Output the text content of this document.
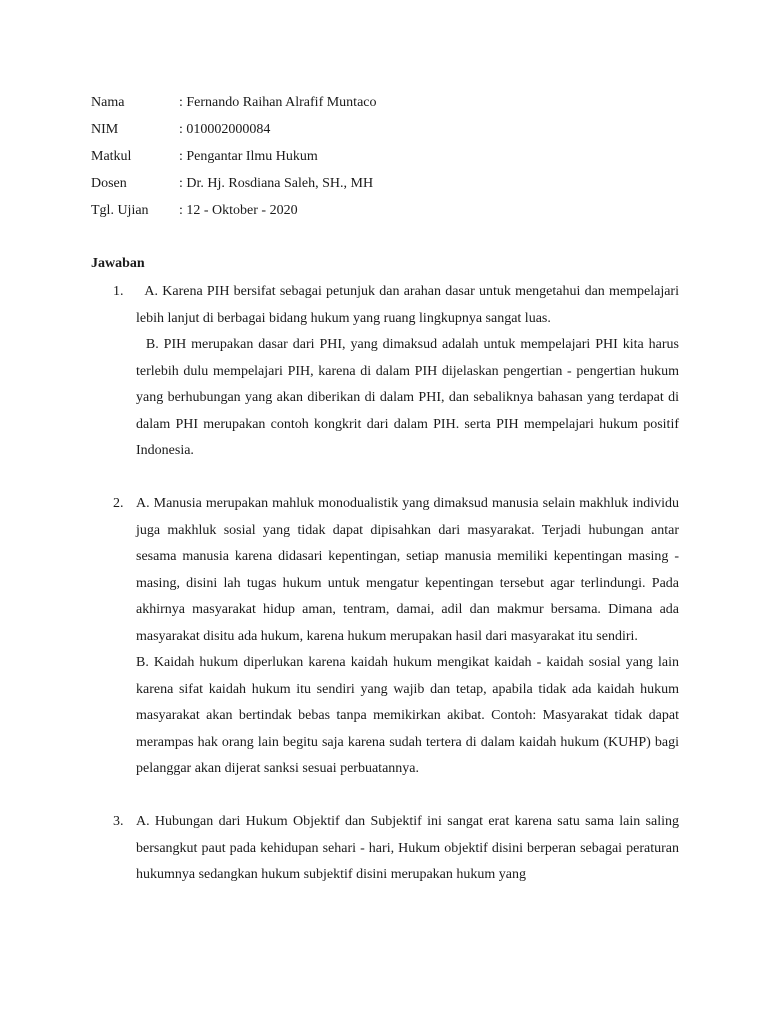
Nama	: Fernando Raihan Alrafif Muntaco
NIM	: 010002000084
Matkul	: Pengantar Ilmu Hukum
Dosen	: Dr. Hj. Rosdiana Saleh, SH., MH
Tgl. Ujian	: 12 - Oktober - 2020
Jawaban
1. A. Karena PIH bersifat sebagai petunjuk dan arahan dasar untuk mengetahui dan mempelajari lebih lanjut di berbagai bidang hukum yang ruang lingkupnya sangat luas.

B. PIH merupakan dasar dari PHI, yang dimaksud adalah untuk mempelajari PHI kita harus terlebih dulu mempelajari PIH, karena di dalam PIH dijelaskan pengertian - pengertian hukum yang berhubungan yang akan diberikan di dalam PHI, dan sebaliknya bahasan yang terdapat di dalam PHI merupakan contoh kongkrit dari dalam PIH. serta PIH mempelajari hukum positif Indonesia.

2. A. Manusia merupakan mahluk monodualistik yang dimaksud manusia selain makhluk individu juga makhluk sosial yang tidak dapat dipisahkan dari masyarakat. Terjadi hubungan antar sesama manusia karena didasari kepentingan, setiap manusia memiliki kepentingan masing - masing, disini lah tugas hukum untuk mengatur kepentingan tersebut agar terlindungi. Pada akhirnya masyarakat hidup aman, tentram, damai, adil dan makmur bersama. Dimana ada masyarakat disitu ada hukum, karena hukum merupakan hasil dari masyarakat itu sendiri.

B. Kaidah hukum diperlukan karena kaidah hukum mengikat kaidah - kaidah sosial yang lain karena sifat kaidah hukum itu sendiri yang wajib dan tetap, apabila tidak ada kaidah hukum masyarakat akan bertindak bebas tanpa memikirkan akibat. Contoh: Masyarakat tidak dapat merampas hak orang lain begitu saja karena sudah tertera di dalam kaidah hukum (KUHP) bagi pelanggar akan dijerat sanksi sesuai perbuatannya.

3. A. Hubungan dari Hukum Objektif dan Subjektif ini sangat erat karena satu sama lain saling bersangkut paut pada kehidupan sehari - hari, Hukum objektif disini berperan sebagai peraturan hukumnya sedangkan hukum subjektif disini merupakan hukum yang
